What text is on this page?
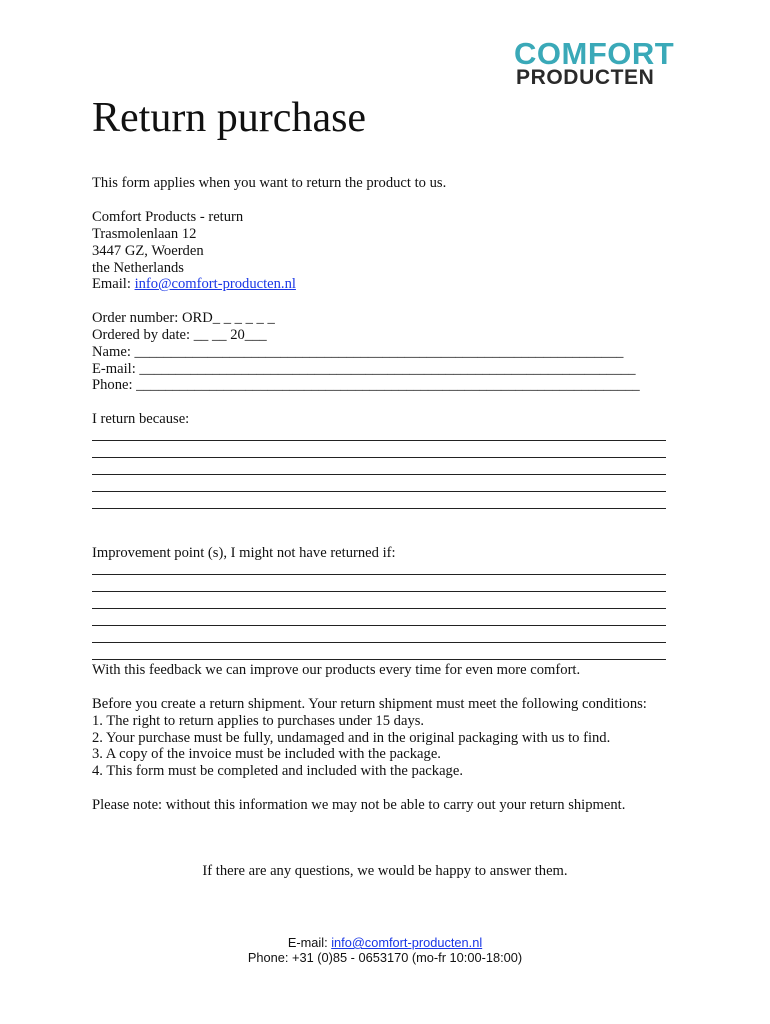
COMFORT
PRODUCTEN
Return purchase
This form applies when you want to return the product to us.
Comfort Products - return
Trasmolenlaan 12
3447 GZ, Woerden
the Netherlands
Email: info@comfort-producten.nl
Order number: ORD_ _ _ _ _ _
Ordered by date: __ __ 20___
Name: ___________________________________________________________________
E-mail: ____________________________________________________________________
Phone: _____________________________________________________________________
I return because:
Improvement point (s), I might not have returned if:
With this feedback we can improve our products every time for even more comfort.
Before you create a return shipment. Your return shipment must meet the following conditions:
1. The right to return applies to purchases under 15 days.
2. Your purchase must be fully, undamaged and in the original packaging with us to find.
3. A copy of the invoice must be included with the package.
4. This form must be completed and included with the package.
Please note: without this information we may not be able to carry out your return shipment.
If there are any questions, we would be happy to answer them.
E-mail: info@comfort-producten.nl
Phone: +31 (0)85 - 0653170 (mo-fr 10:00-18:00)
